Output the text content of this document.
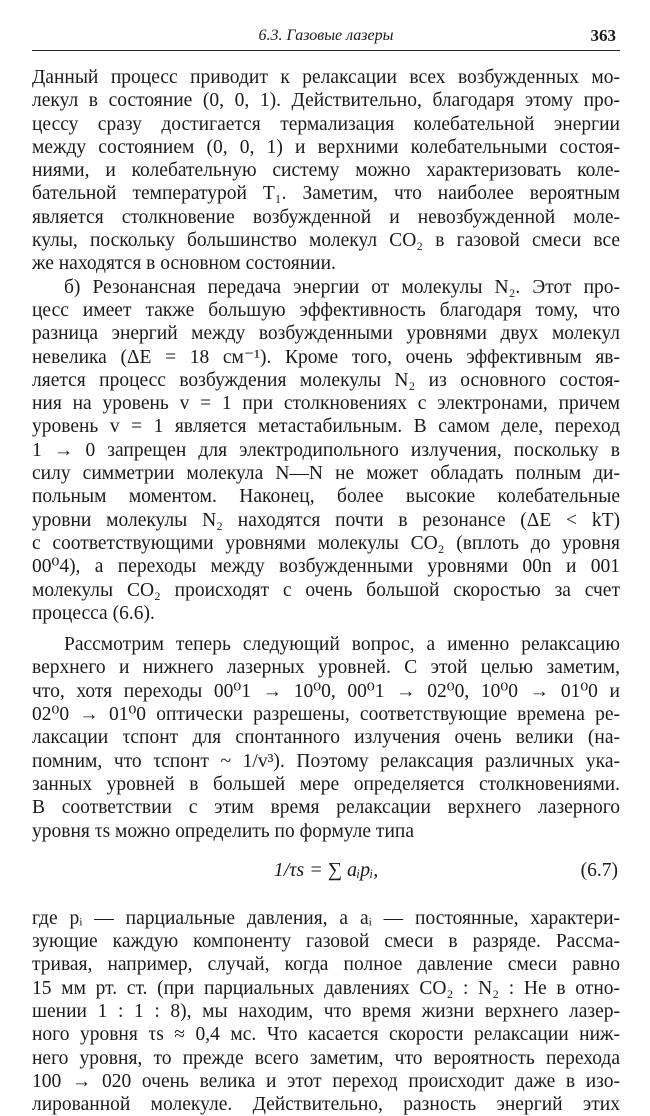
6.3. Газовые лазеры	363
Данный процесс приводит к релаксации всех возбужденных мо-
лекул в состояние (0, 0, 1). Действительно, благодаря этому про-
цессу сразу достигается термализация колебательной энергии
между состоянием (0, 0, 1) и верхними колебательными состоя-
ниями, и колебательную систему можно характеризовать коле-
бательной температурой T₁. Заметим, что наиболее вероятным
является столкновение возбужденной и невозбужденной моле-
кулы, поскольку большинство молекул CO₂ в газовой смеси все
же находятся в основном состоянии.
б) Резонансная передача энергии от молекулы N₂. Этот про-
цесс имеет также большую эффективность благодаря тому, что
разница энергий между возбужденными уровнями двух молекул
невелика (ΔE = 18 см⁻¹). Кроме того, очень эффективным яв-
ляется процесс возбуждения молекулы N₂ из основного состоя-
ния на уровень v = 1 при столкновениях с электронами, причем
уровень v = 1 является метастабильным. В самом деле, переход
1 → 0 запрещен для электродипольного излучения, поскольку в
силу симметрии молекула N—N не может обладать полным ди-
польным моментом. Наконец, более высокие колебательные
уровни молекулы N₂ находятся почти в резонансе (ΔE < kT)
с соответствующими уровнями молекулы CO₂ (вплоть до уровня
00⁰4), а переходы между возбужденными уровнями 00n и 001
молекулы CO₂ происходят с очень большой скоростью за счет
процесса (6.6).
Рассмотрим теперь следующий вопрос, а именно релаксацию
верхнего и нижнего лазерных уровней. С этой целью заметим,
что, хотя переходы 00⁰1 → 10⁰0, 00⁰1 → 02⁰0, 10⁰0 → 01⁰0 и
02⁰0 → 01⁰0 оптически разрешены, соответствующие времена ре-
лаксации τспонт для спонтанного излучения очень велики (на-
помним, что τспонт ~ 1/v³). Поэтому релаксация различных ука-
занных уровней в большей мере определяется столкновениями.
В соответствии с этим время релаксации верхнего лазерного
уровня τs можно определить по формуле типа
1/τs = ∑ aᵢpᵢ,	(6.7)
где pᵢ — парциальные давления, а aᵢ — постоянные, характери-
зующие каждую компоненту газовой смеси в разряде. Рассма-
тривая, например, случай, когда полное давление смеси равно
15 мм рт. ст. (при парциальных давлениях CO₂ : N₂ : He в отно-
шении 1 : 1 : 8), мы находим, что время жизни верхнего лазер-
ного уровня τs ≈ 0,4 мс. Что касается скорости релаксации ниж-
него уровня, то прежде всего заметим, что вероятность перехода
100 → 020 очень велика и этот переход происходит даже в изо-
лированной молекуле. Действительно, разность энергий этих
